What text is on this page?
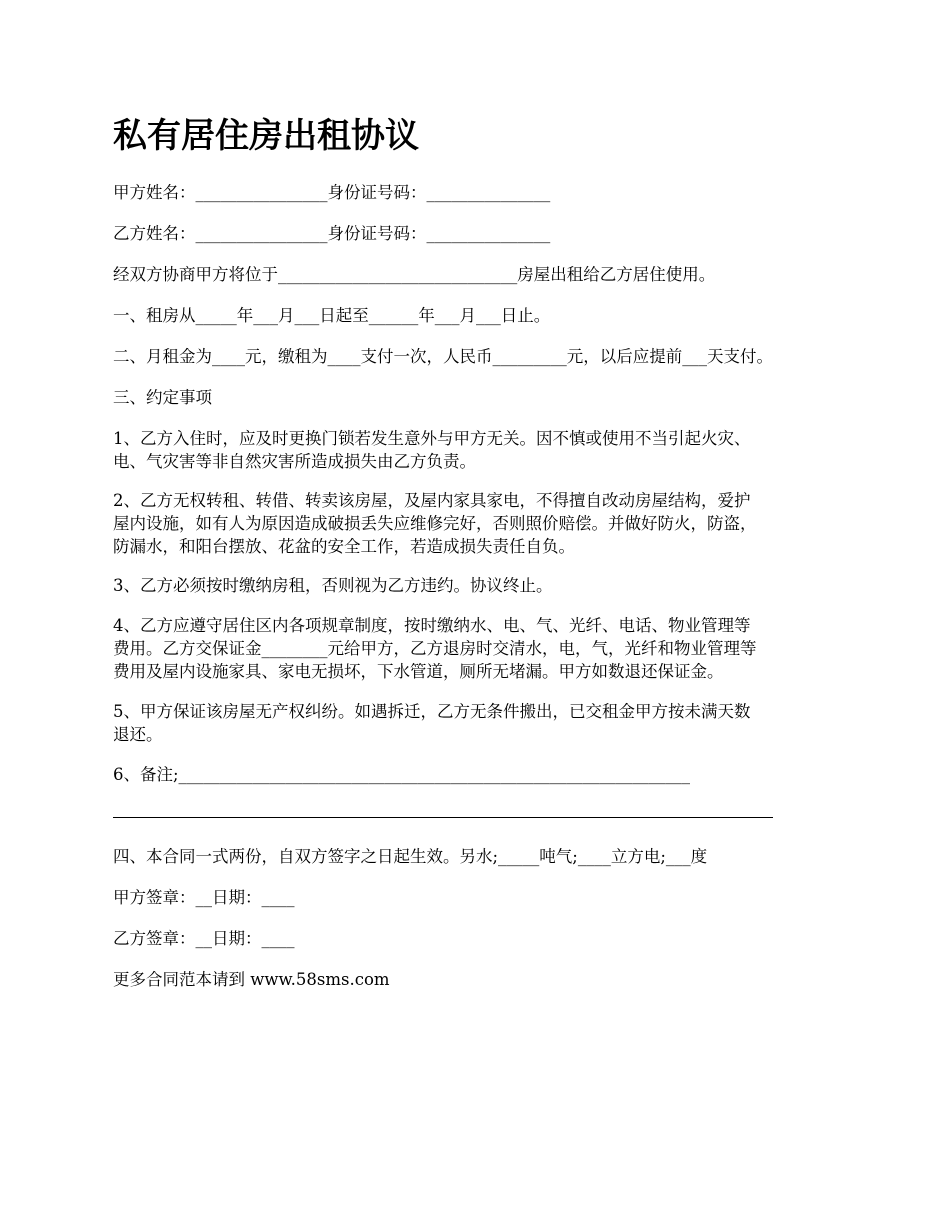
私有居住房出租协议

甲方姓名：________________身份证号码：_______________

乙方姓名：________________身份证号码：_______________

经双方协商甲方将位于_____________________________房屋出租给乙方居住使用。

一、租房从_____年___月___日起至______年___月___日止。

二、月租金为____元，缴租为____支付一次，人民币_________元，以后应提前___天支付。

三、约定事项

1、乙方入住时，应及时更换门锁若发生意外与甲方无关。因不慎或使用不当引起火灾、
电、气灾害等非自然灾害所造成损失由乙方负责。
2、乙方无权转租、转借、转卖该房屋，及屋内家具家电，不得擅自改动房屋结构，爱护
屋内设施，如有人为原因造成破损丢失应维修完好，否则照价赔偿。并做好防火，防盗，
防漏水，和阳台摆放、花盆的安全工作，若造成损失责任自负。
3、乙方必须按时缴纳房租，否则视为乙方违约。协议终止。
4、乙方应遵守居住区内各项规章制度，按时缴纳水、电、气、光纤、电话、物业管理等
费用。乙方交保证金________元给甲方，乙方退房时交清水，电，气，光纤和物业管理等
费用及屋内设施家具、家电无损坏，下水管道，厕所无堵漏。甲方如数退还保证金。
5、甲方保证该房屋无产权纠纷。如遇拆迁，乙方无条件搬出，已交租金甲方按未满天数
退还。

6、备注;______________________________________________________________

四、本合同一式两份，自双方签字之日起生效。另水;_____吨气;____立方电;___度

甲方签章：__日期：____

乙方签章：__日期：____

更多合同范本请到 www.58sms.com
